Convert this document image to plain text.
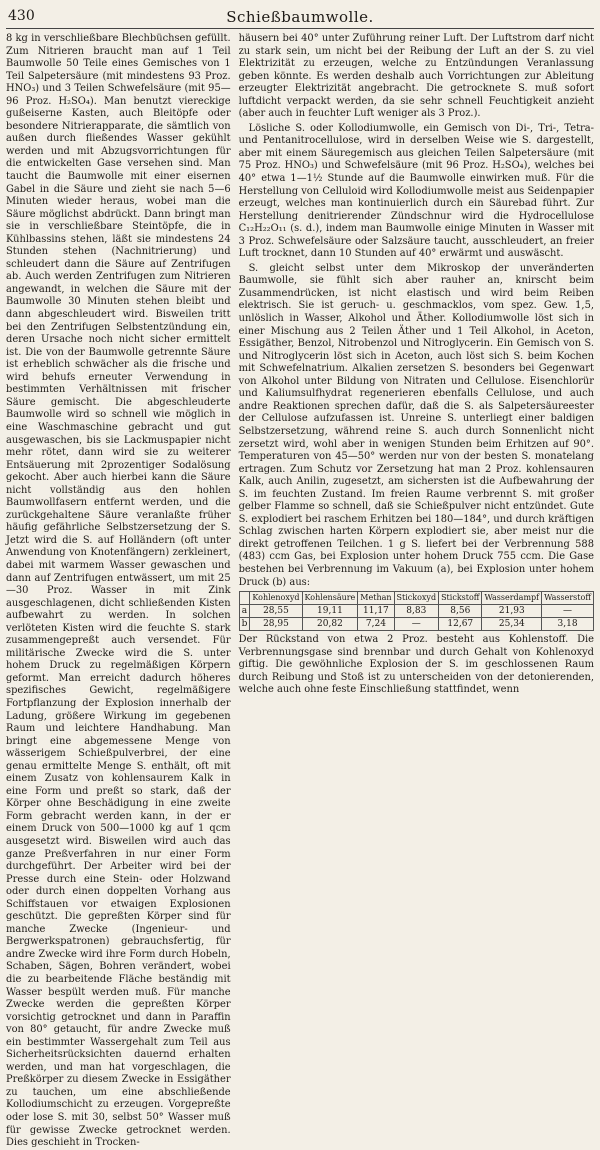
430	Schießbaumwolle.

8 kg in verschließbare Blechbüchsen gefüllt. Zum Nitrieren braucht man auf 1 Teil Baumwolle 50 Teile eines Gemisches von 1 Teil Salpetersäure (mit mindestens 93 Proz. HNO₃) und 3 Teilen Schwefelsäure (mit 95—96 Proz. H₂SO₄). Man benutzt viereckige gußeiserne Kasten, auch Bleitöpfe oder besondere Nitrierapparate, die sämtlich von außen durch fließendes Wasser gekühlt werden und mit Abzugsvorrichtungen für die entwickelten Gase versehen sind. Man taucht die Baumwolle mit einer eisernen Gabel in die Säure und zieht sie nach 5—6 Minuten wieder heraus, wobei man die Säure möglichst abdrückt. Dann bringt man sie in verschließbare Steintöpfe, die in Kühlbassins stehen, läßt sie mindestens 24 Stunden stehen (Nachnitrierung) und schleudert dann die Säure auf Zentrifugen ab. Auch werden Zentrifugen zum Nitrieren angewandt, in welchen die Säure mit der Baumwolle 30 Minuten stehen bleibt und dann abgeschleudert wird. Bisweilen tritt bei den Zentrifugen Selbstentzündung ein, deren Ursache noch nicht sicher ermittelt ist. Die von der Baumwolle getrennte Säure ist erheblich schwächer als die frische und wird behufs erneuter Verwendung in bestimmten Verhältnissen mit frischer Säure gemischt. Die abgeschleuderte Baumwolle wird so schnell wie möglich in eine Waschmaschine gebracht und gut ausgewaschen, bis sie Lackmuspapier nicht mehr rötet, dann wird sie zu weiterer Entsäuerung mit 2prozentiger Sodalösung gekocht. Aber auch hierbei kann die Säure nicht vollständig aus den hohlen Baumwollfasern entfernt werden, und die zurückgehaltene Säure veranlaßte früher häufig gefährliche Selbstzersetzung der S. Jetzt wird die S. auf Holländern (oft unter Anwendung von Knotenfängern) zerkleinert, dabei mit warmem Wasser gewaschen und dann auf Zentrifugen entwässert, um mit 25—30 Proz. Wasser in mit Zink ausgeschlagenen, dicht schließenden Kisten aufbewahrt zu werden. In solchen verlöteten Kisten wird die feuchte S. stark zusammengepreßt auch versendet. Für militärische Zwecke wird die S. unter hohem Druck zu regelmäßigen Körpern geformt. Man erreicht dadurch höheres spezifisches Gewicht, regelmäßigere Fortpflanzung der Explosion innerhalb der Ladung, größere Wirkung im gegebenen Raum und leichtere Handhabung. Man bringt eine abgemessene Menge von wässerigem Schießpulverbrei, der eine genau ermittelte Menge S. enthält, oft mit einem Zusatz von kohlensaurem Kalk in eine Form und preßt so stark, daß der Körper ohne Beschädigung in eine zweite Form gebracht werden kann, in der er einem Druck von 500—1000 kg auf 1 qcm ausgesetzt wird. Bisweilen wird auch das ganze Preßverfahren in nur einer Form durchgeführt. Der Arbeiter wird bei der Presse durch eine Stein- oder Holzwand oder durch einen doppelten Vorhang aus Schiffstauen vor etwaigen Explosionen geschützt. Die gepreßten Körper sind für manche Zwecke (Ingenieur- und Bergwerkspatronen) gebrauchsfertig, für andre Zwecke wird ihre Form durch Hobeln, Schaben, Sägen, Bohren verändert, wobei die zu bearbeitende Fläche beständig mit Wasser bespült werden muß. Für manche Zwecke werden die gepreßten Körper vorsichtig getrocknet und dann in Paraffin von 80° getaucht, für andre Zwecke muß ein bestimmter Wassergehalt zum Teil aus Sicherheitsrücksichten dauernd erhalten werden, und man hat vorgeschlagen, die Preßkörper zu diesem Zwecke in Essigäther zu tauchen, um eine abschließende Kollodiumschicht zu erzeugen. Vorgepreßte oder lose S. mit 30, selbst 50° Wasser muß für gewisse Zwecke getrocknet werden. Dies geschieht in Trocken-

häusern bei 40° unter Zuführung reiner Luft. Der Luftstrom darf nicht zu stark sein, um nicht bei der Reibung der Luft an der S. zu viel Elektrizität zu erzeugen, welche zu Entzündungen Veranlassung geben könnte. Es werden deshalb auch Vorrichtungen zur Ableitung erzeugter Elektrizität angebracht. Die getrocknete S. muß sofort luftdicht verpackt werden, da sie sehr schnell Feuchtigkeit anzieht (aber auch in feuchter Luft weniger als 3 Proz.).

Lösliche S. oder Kollodiumwolle, ein Gemisch von Di-, Tri-, Tetra- und Pentanitrocellulose, wird in derselben Weise wie S. dargestellt, aber mit einem Säuregemisch aus gleichen Teilen Salpetersäure (mit 75 Proz. HNO₃) und Schwefelsäure (mit 96 Proz. H₂SO₄), welches bei 40° etwa 1—1½ Stunde auf die Baumwolle einwirken muß. Für die Herstellung von Celluloid wird Kollodiumwolle meist aus Seidenpapier erzeugt, welches man kontinuierlich durch ein Säurebad führt. Zur Herstellung denitrierender Zündschnur wird die Hydrocellulose C₁₂H₂₂O₁₁ (s. d.), indem man Baumwolle einige Minuten in Wasser mit 3 Proz. Schwefelsäure oder Salzsäure taucht, ausschleudert, an freier Luft trocknet, dann 10 Stunden auf 40° erwärmt und auswäscht.

S. gleicht selbst unter dem Mikroskop der unveränderten Baumwolle, sie fühlt sich aber rauher an, knirscht beim Zusammendrücken, ist nicht elastisch und wird beim Reiben elektrisch. Sie ist geruch- u. geschmacklos, vom spez. Gew. 1,5, unlöslich in Wasser, Alkohol und Äther. Kollodiumwolle löst sich in einer Mischung aus 2 Teilen Äther und 1 Teil Alkohol, in Aceton, Essigäther, Benzol, Nitrobenzol und Nitroglycerin. Ein Gemisch von S. und Nitroglycerin löst sich in Aceton, auch löst sich S. beim Kochen mit Schwefelnatrium. Alkalien zersetzen S. besonders bei Gegenwart von Alkohol unter Bildung von Nitraten und Cellulose. Eisenchlorür und Kaliumsulfhydrat regenerieren ebenfalls Cellulose, und auch andre Reaktionen sprechen dafür, daß die S. als Salpetersäureester der Cellulose aufzufassen ist. Unreine S. unterliegt einer baldigen Selbstzersetzung, während reine S. auch durch Sonnenlicht nicht zersetzt wird, wohl aber in wenigen Stunden beim Erhitzen auf 90°. Temperaturen von 45—50° werden nur von der besten S. monatelang ertragen. Zum Schutz vor Zersetzung hat man 2 Proz. kohlensauren Kalk, auch Anilin, zugesetzt, am sichersten ist die Aufbewahrung der S. im feuchten Zustand. Im freien Raume verbrennt S. mit großer gelber Flamme so schnell, daß sie Schießpulver nicht entzündet. Gute S. explodiert bei raschem Erhitzen bei 180—184°, und durch kräftigen Schlag zwischen harten Körpern explodiert sie, aber meist nur die direkt getroffenen Teilchen. 1 g S. liefert bei der Verbrennung 588 (483) ccm Gas, bei Explosion unter hohem Druck 755 ccm. Die Gase bestehen bei Verbrennung im Vakuum (a), bei Explosion unter hohem Druck (b) aus:

	Kohlenoxyd	Kohlensäure	Methan	Stickoxyd	Stickstoff	Wasserdampf	Wasserstoff
a	28,55	19,11	11,17	8,83	8,56	21,93	—
b	28,95	20,82	7,24	—	12,67	25,34	3,18

Der Rückstand von etwa 2 Proz. besteht aus Kohlenstoff. Die Verbrennungsgase sind brennbar und durch Gehalt von Kohlenoxyd giftig. Die gewöhnliche Explosion der S. im geschlossenen Raum durch Reibung und Stoß ist zu unterscheiden von der detonierenden, welche auch ohne feste Einschließung stattfindet, wenn
